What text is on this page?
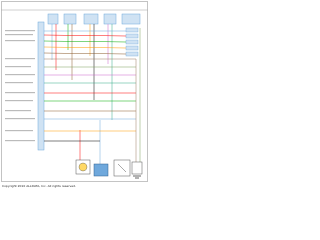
Copyright 2010 ALLDATA, Inc. All rights reserved.
